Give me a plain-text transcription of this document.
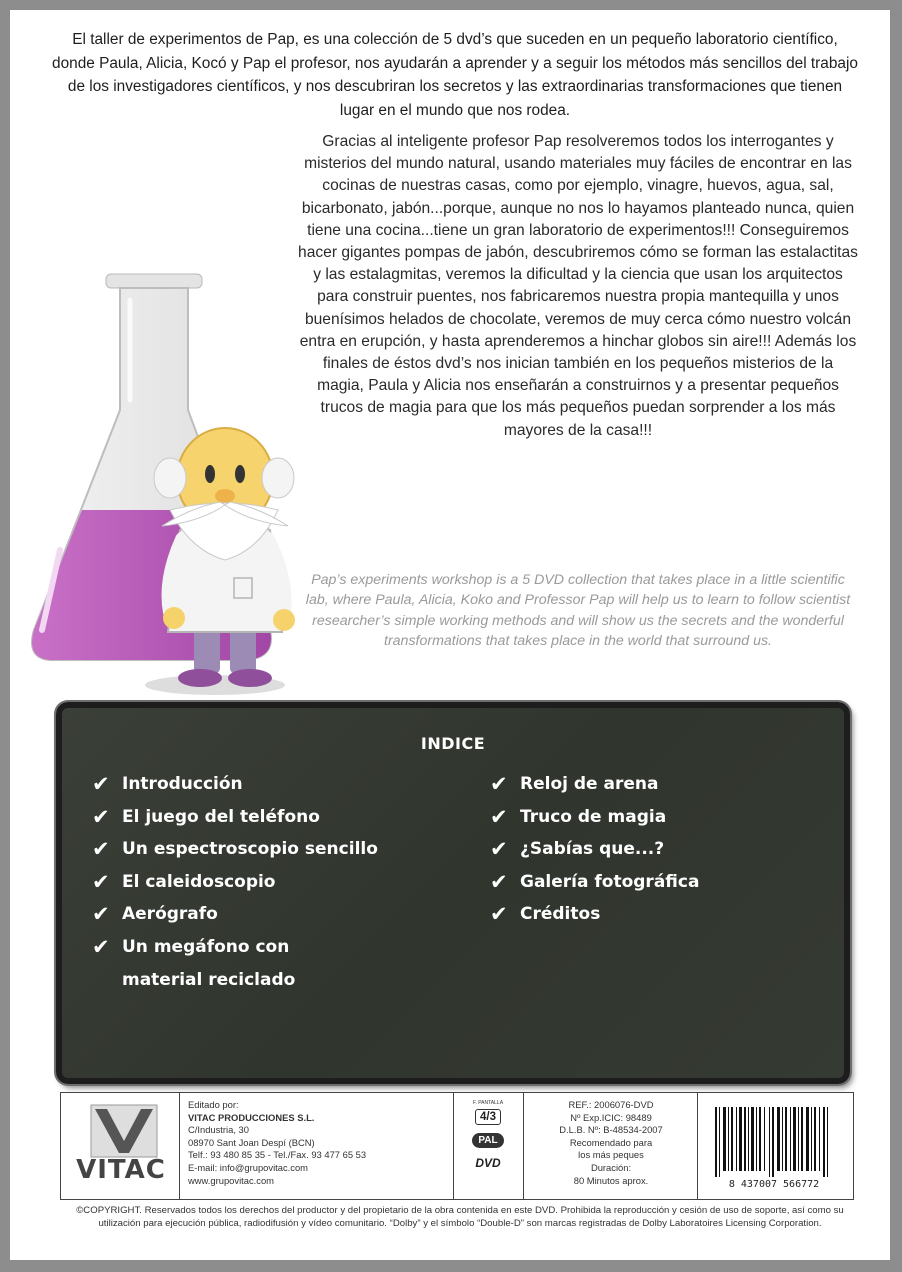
El taller de experimentos de Pap, es una colección de 5 dvd’s que suceden en un pequeño laboratorio científico, donde Paula, Alicia, Kocó y Pap el profesor, nos ayudarán a aprender y a seguir los métodos más sencillos del trabajo de los investigadores científicos, y nos descubriran los secretos y las extraordinarias transformaciones que tienen lugar en el mundo que nos rodea.

Gracias al inteligente profesor Pap resolveremos todos los interrogantes y misterios del mundo natural, usando materiales muy fáciles de encontrar en las cocinas de nuestras casas, como por ejemplo, vinagre, huevos, agua, sal, bicarbonato, jabón...porque, aunque no nos lo hayamos planteado nunca, quien tiene una cocina...tiene un gran laboratorio de experimentos!!! Conseguiremos hacer gigantes pompas de jabón, descubriremos cómo se forman las estalactitas y las estalagmitas, veremos la dificultad y la ciencia que usan los arquitectos para construir puentes, nos fabricaremos nuestra propia mantequilla y unos buenísimos helados de chocolate, veremos de muy cerca cómo nuestro volcán entra en erupción, y hasta aprenderemos a hinchar globos sin aire!!! Además los finales de éstos dvd’s nos inician también en los pequeños misterios de la magia, Paula y Alicia nos enseñarán a construirnos y a presentar pequeños trucos de magia para que los más pequeños puedan sorprender a los más mayores de la casa!!!

Pap’s experiments workshop is a 5 DVD collection that takes place in a little scientific lab, where Paula, Alicia, Koko and Professor Pap will help us to learn to follow scientist researcher’s simple working methods and will show us the secrets and the wonderful transformations that takes place in the world that surround us.

INDICE
✔ Introducción
✔ El juego del teléfono
✔ Un espectroscopio sencillo
✔ El caleidoscopio
✔ Aerógrafo
✔ Un megáfono con material reciclado
✔ Reloj de arena
✔ Truco de magia
✔ ¿Sabías que...?
✔ Galería fotográfica
✔ Créditos
VITAC
Editado por:
VITAC PRODUCCIONES S.L.
C/Industria, 30
08970 Sant Joan Despí (BCN)
Telf.: 93 480 85 35 - Tel./Fax. 93 477 65 53
E-mail: info@grupovitac.com
www.grupovitac.com
F. PANTALLA
4/3
PAL
DVD
REF.: 2006076-DVD
Nº Exp.ICIC: 98489
D.L.B. Nº: B-48534-2007
Recomendado para
los más peques
Duración:
80 Minutos aprox.	8 437007 566772
©COPYRIGHT. Reservados todos los derechos del productor y del propietario de la obra contenida en este DVD. Prohibida la reproducción y cesión de uso de soporte, así como su utilización para ejecución pública, radiodifusión y vídeo comunitario. “Dolby” y el símbolo “Double-D” son marcas registradas de Dolby Laboratoires Licensing Corporation.
